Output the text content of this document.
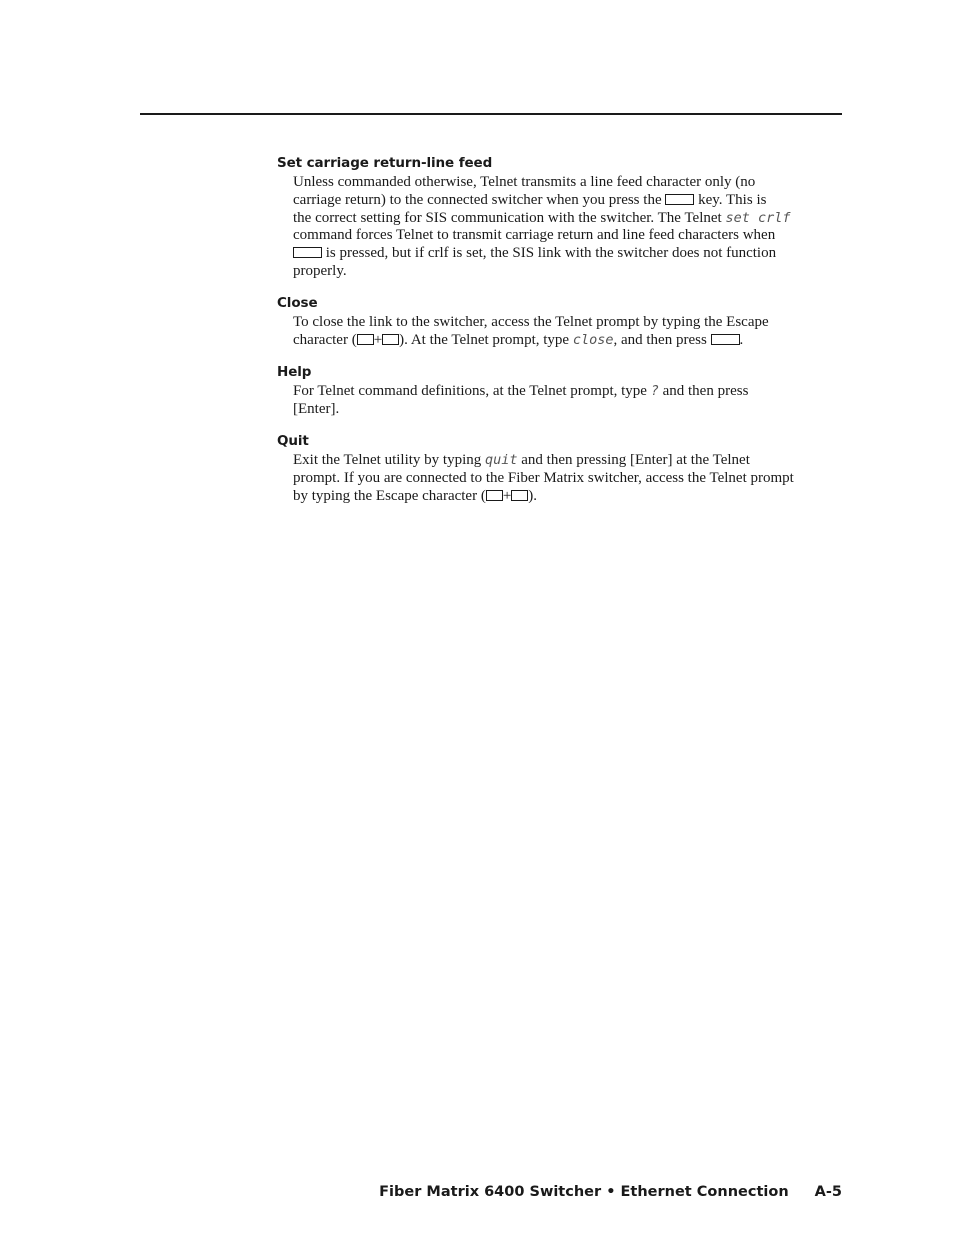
Set carriage return-line feed
Unless commanded otherwise, Telnet transmits a line feed character only (no
carriage return) to the connected switcher when you press the  key. This is
the correct setting for SIS communication with the switcher. The Telnet set crlf
command forces Telnet to transmit carriage return and line feed characters when
is pressed, but if crlf is set, the SIS link with the switcher does not function
properly.
Close
To close the link to the switcher, access the Telnet prompt by typing the Escape
character ( + ). At the Telnet prompt, type close, and then press .
Help
For Telnet command definitions, at the Telnet prompt, type ? and then press
[Enter].
Quit
Exit the Telnet utility by typing quit and then pressing [Enter] at the Telnet
prompt. If you are connected to the Fiber Matrix switcher, access the Telnet prompt
by typing the Escape character ( + ).
Fiber Matrix 6400 Switcher • Ethernet Connection A-5
